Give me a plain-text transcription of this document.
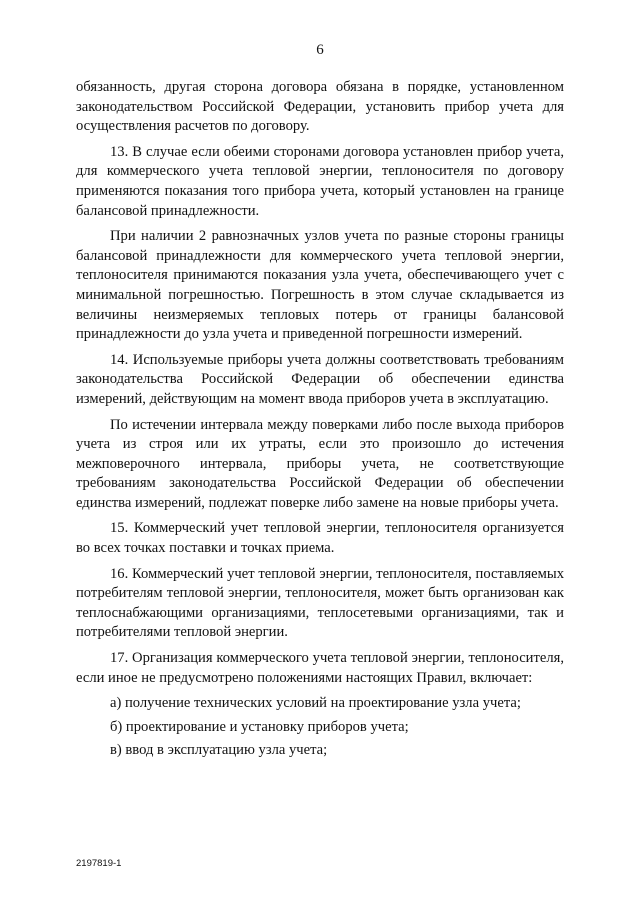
6

обязанность, другая сторона договора обязана в порядке, установленном законодательством Российской Федерации, установить прибор учета для осуществления расчетов по договору.

13. В случае если обеими сторонами договора установлен прибор учета, для коммерческого учета тепловой энергии, теплоносителя по договору применяются показания того прибора учета, который установлен на границе балансовой принадлежности.

При наличии 2 равнозначных узлов учета по разные стороны границы балансовой принадлежности для коммерческого учета тепловой энергии, теплоносителя принимаются показания узла учета, обеспечивающего учет с минимальной погрешностью. Погрешность в этом случае складывается из величины неизмеряемых тепловых потерь от границы балансовой принадлежности до узла учета и приведенной погрешности измерений.

14. Используемые приборы учета должны соответствовать требованиям законодательства Российской Федерации об обеспечении единства измерений, действующим на момент ввода приборов учета в эксплуатацию.

По истечении интервала между поверками либо после выхода приборов учета из строя или их утраты, если это произошло до истечения межповерочного интервала, приборы учета, не соответствующие требованиям законодательства Российской Федерации об обеспечении единства измерений, подлежат поверке либо замене на новые приборы учета.

15. Коммерческий учет тепловой энергии, теплоносителя организуется во всех точках поставки и точках приема.

16. Коммерческий учет тепловой энергии, теплоносителя, поставляемых потребителям тепловой энергии, теплоносителя, может быть организован как теплоснабжающими организациями, теплосетевыми организациями, так и потребителями тепловой энергии.

17. Организация коммерческого учета тепловой энергии, теплоносителя, если иное не предусмотрено положениями настоящих Правил, включает:

а) получение технических условий на проектирование узла учета;

б) проектирование и установку приборов учета;

в) ввод в эксплуатацию узла учета;

2197819-1
